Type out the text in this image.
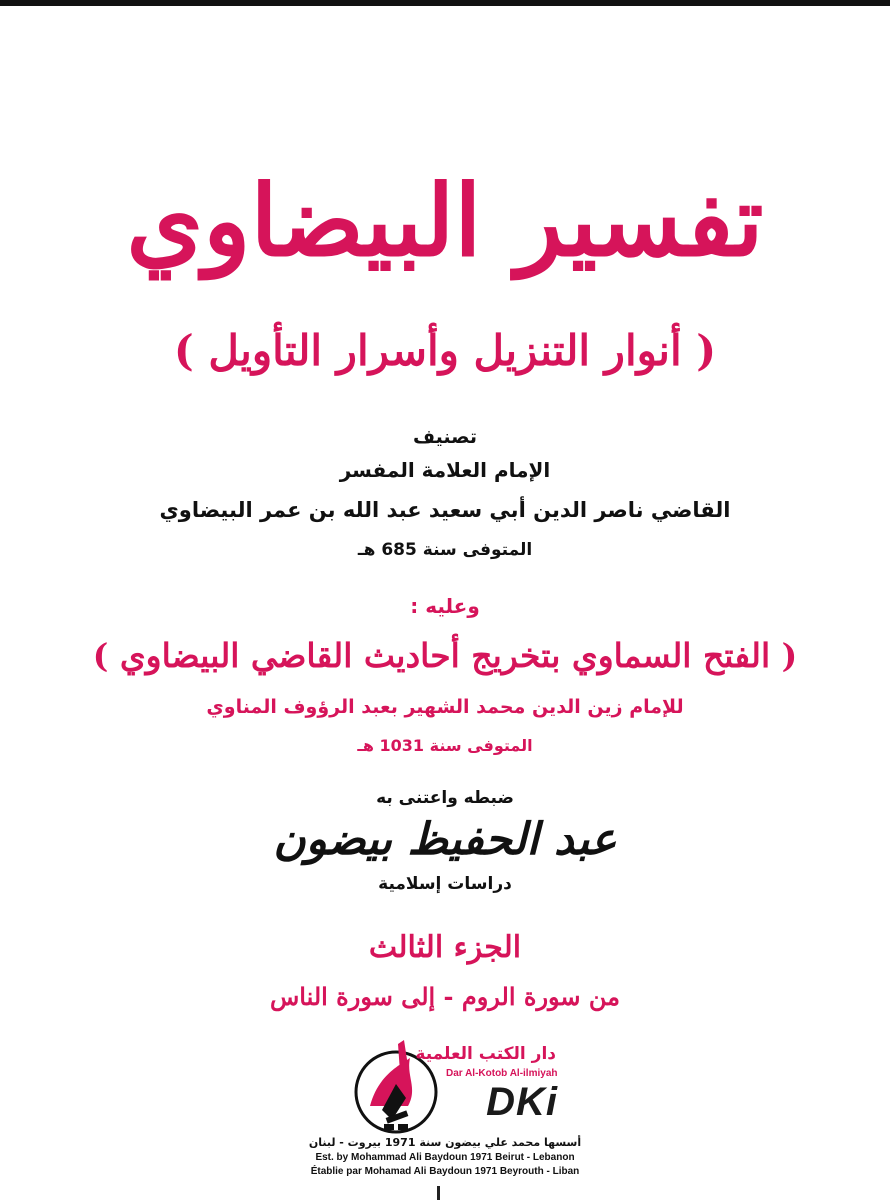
تفسير البيضاوي
( أنوار التنزيل وأسرار التأويل )
تصنيف
الإمام العلامة المفسر
القاضي ناصر الدين أبي سعيد عبد الله بن عمر البيضاوي
المتوفى سنة 685 هـ
وعليه :
( الفتح السماوي بتخريج أحاديث القاضي البيضاوي )
للإمام زين الدين محمد الشهير بعبد الرؤوف المناوي
المتوفى سنة 1031 هـ
ضبطه واعتنى به
عبد الحفيظ بيضون
دراسات إسلامية
الجزء الثالث
من سورة الروم - إلى سورة الناس
دار الكتب العلمية
Dar Al-Kotob Al-ilmiyah
DKi
أسسها محمد علي بيضون سنة 1971 بيروت - لبنان
Est. by Mohammad Ali Baydoun 1971 Beirut - Lebanon
Établie par Mohamad Ali Baydoun 1971 Beyrouth - Liban
